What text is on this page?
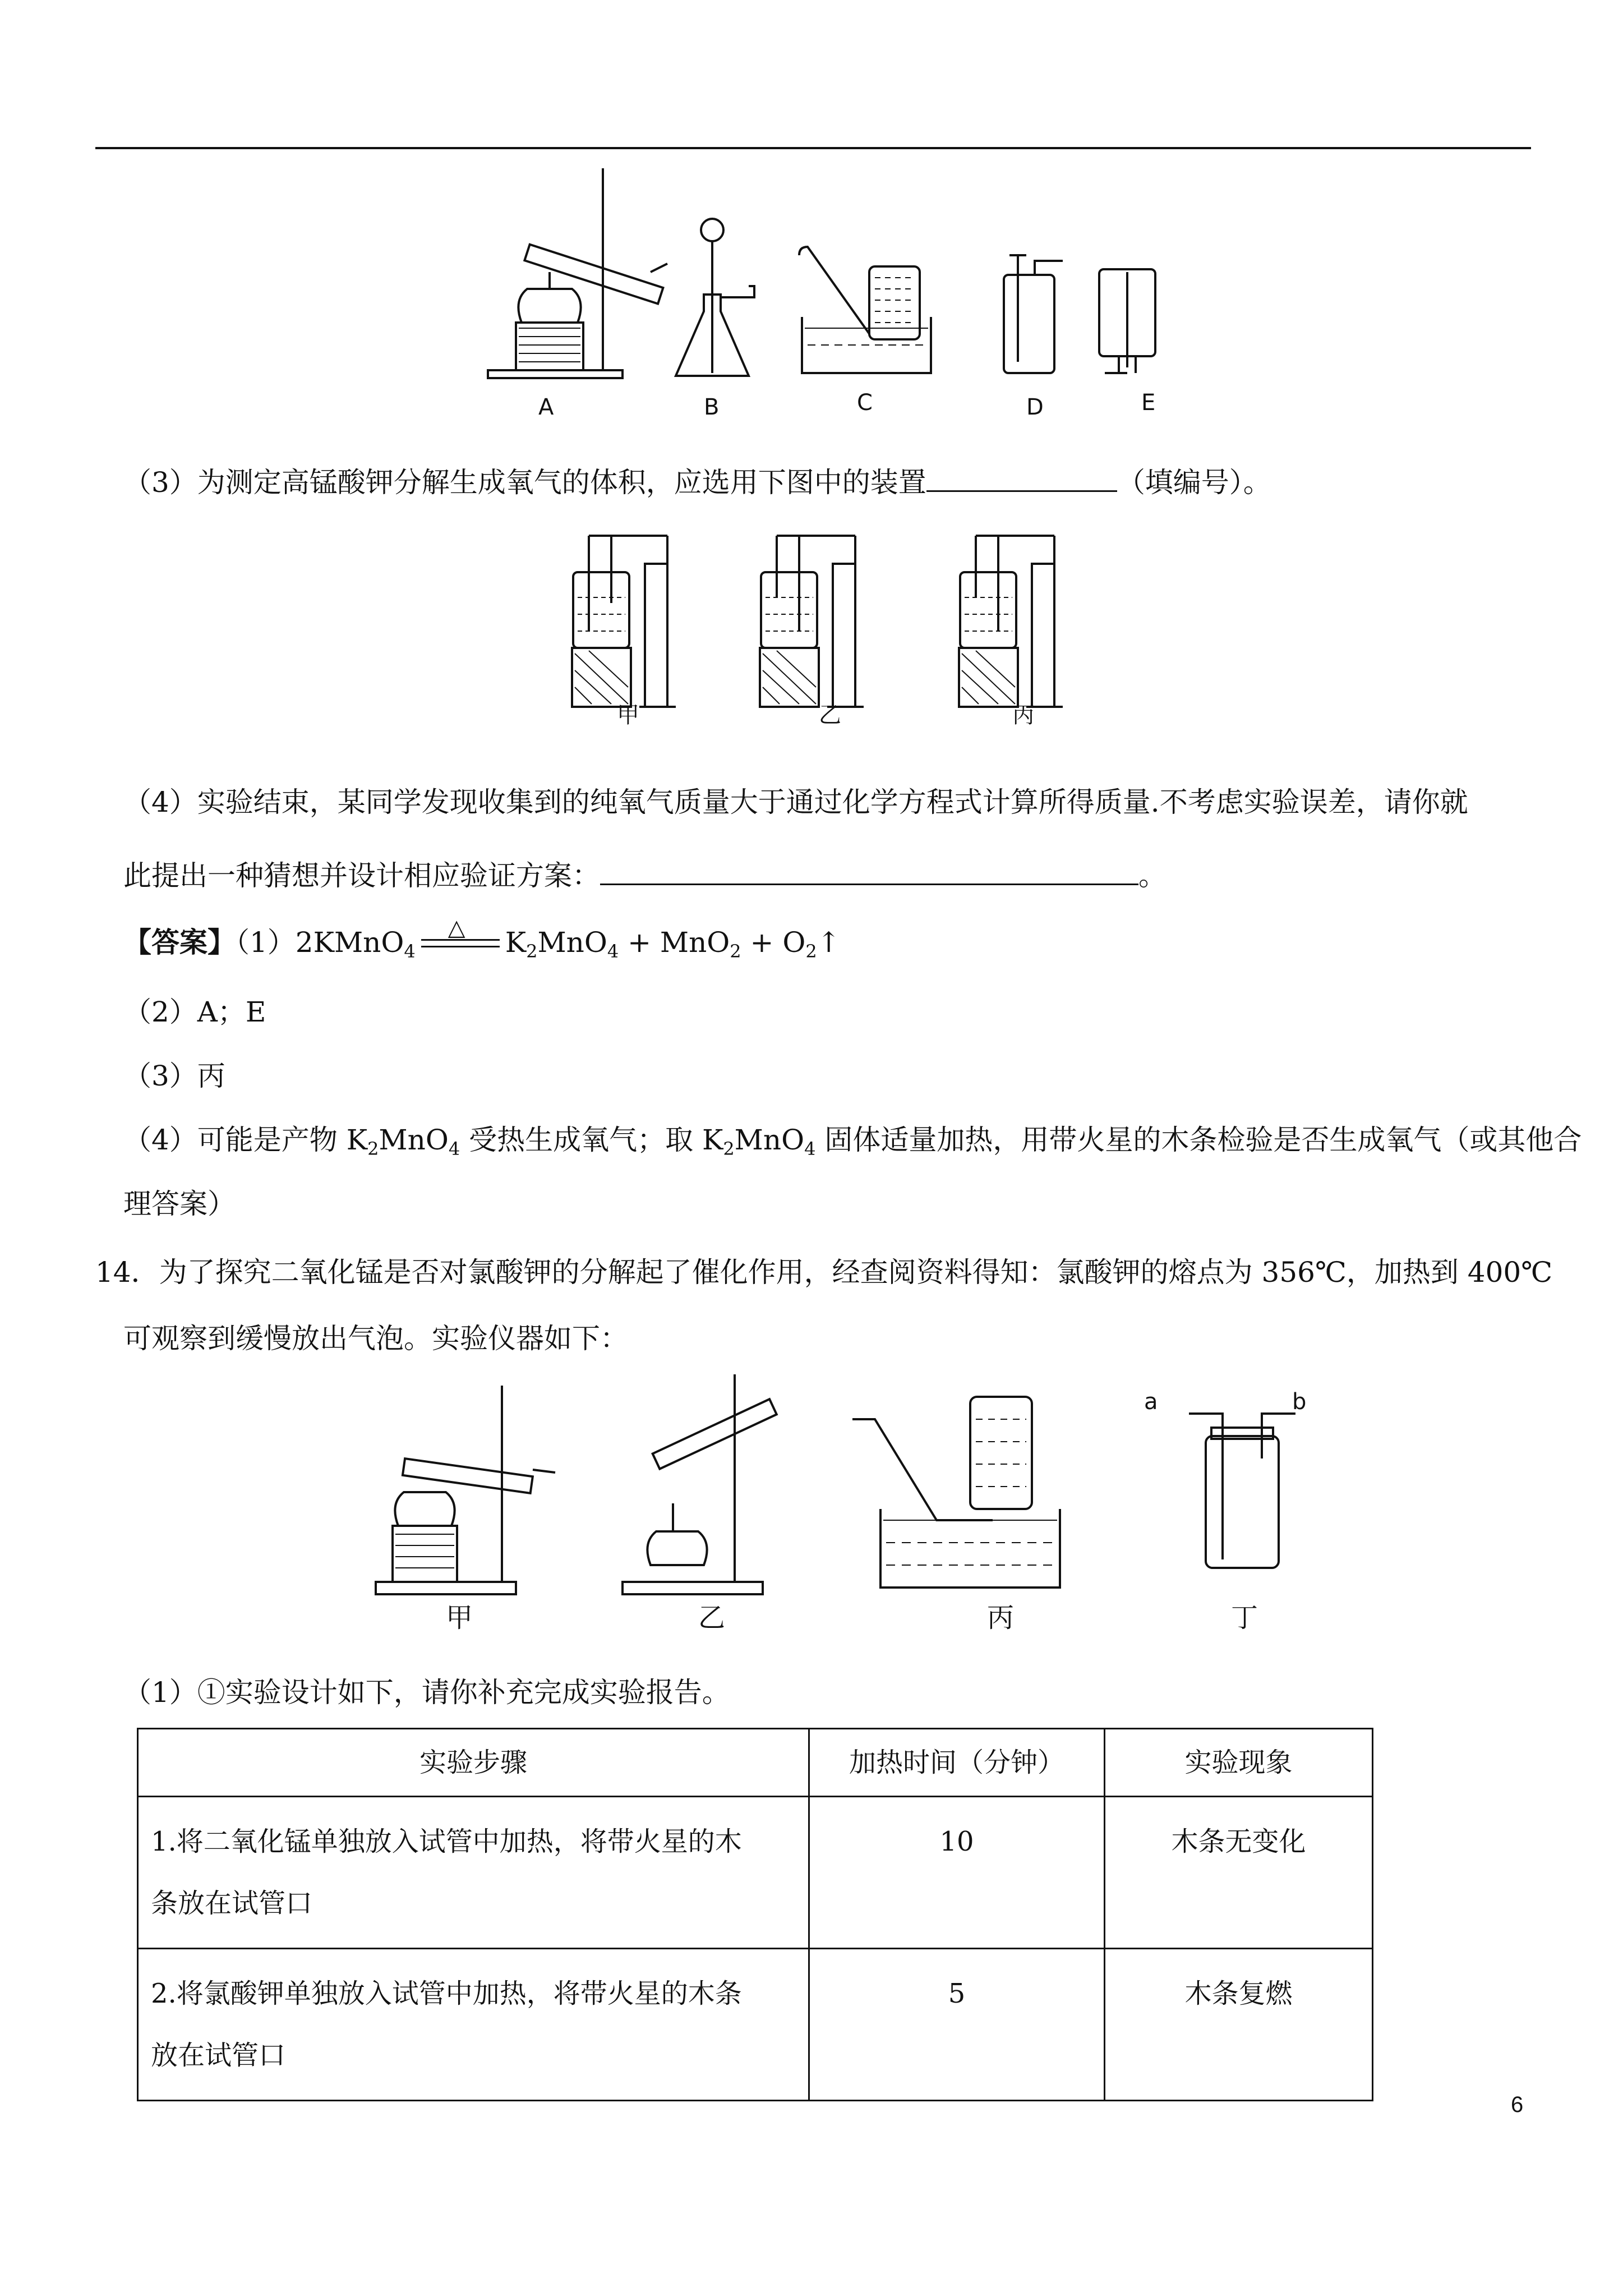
A	B	C	D	E
（3）为测定高锰酸钾分解生成氧气的体积，应选用下图中的装置	（填编号）。
甲	乙	丙
（4）实验结束，某同学发现收集到的纯氧气质量大于通过化学方程式计算所得质量.不考虑实验误差，请你就
此提出一种猜想并设计相应验证方案：	。
【答案】（1）2KMnO$_4$
△ $K_2MnO_4 + MnO_2$ + $O_2↑$
（2）A；E
（3）丙
（4）可能是产物 $K_2MnO_4$ 受热生成氧气；取 $K_2MnO_4$ 固体适量加热，用带火星的木条检验是否生成氧气（或其他合
理答案）
14．为了探究二氧化锰是否对氯酸钾的分解起了催化作用，经查阅资料得知：氯酸钾的熔点为 356℃，加热到 400℃
可观察到缓慢放出气泡。实验仪器如下：
a	b
甲	乙	丙	丁
（1）①实验设计如下，请你补充完成实验报告。
实验步骤	加热时间（分钟）	实验现象
1.将二氧化锰单独放入试管中加热，将带火星的木
条放在试管口	10	木条无变化
2.将氯酸钾单独放入试管中加热，将带火星的木条
放在试管口	5	木条复燃
6
